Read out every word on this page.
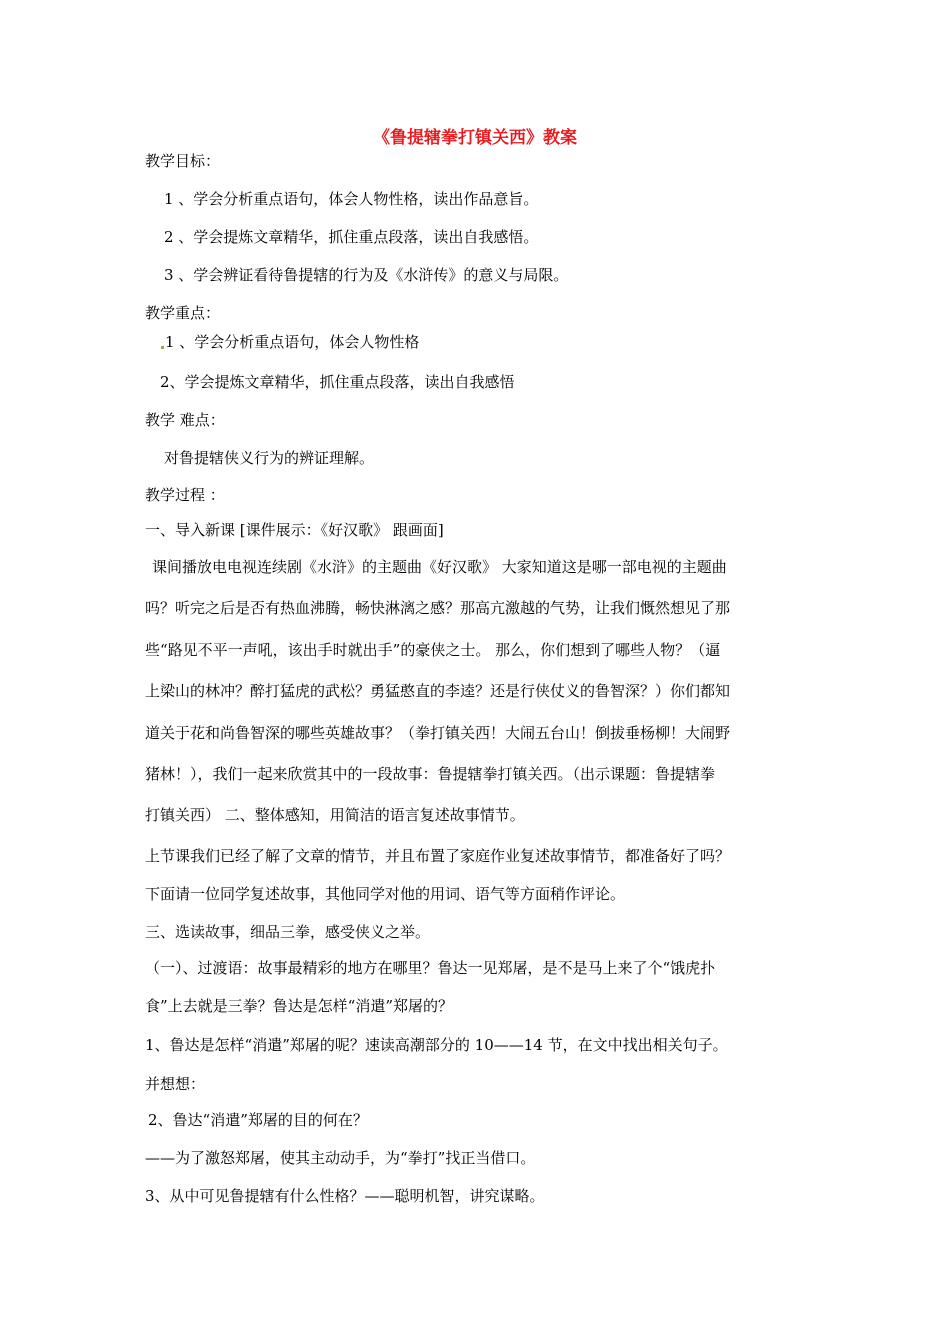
《鲁提辖拳打镇关西》教案
教学目标：
1 、学会分析重点语句，体会人物性格，读出作品意旨。
2 、学会提炼文章精华，抓住重点段落，读出自我感悟。
3 、学会辨证看待鲁提辖的行为及《水浒传》的意义与局限。
教学重点：
1 、学会分析重点语句，体会人物性格
2、学会提炼文章精华，抓住重点段落，读出自我感悟
教学 难点：
对鲁提辖侠义行为的辨证理解。
教学过程 ：
一、导入新课 [课件展示：《好汉歌》 跟画面]
课间播放电电视连续剧《水浒》的主题曲《好汉歌》 大家知道这是哪一部电视的主题曲
吗？听完之后是否有热血沸腾，畅快淋漓之感？那高亢激越的气势，让我们慨然想见了那
些“路见不平一声吼，该出手时就出手”的豪侠之士。 那么，你们想到了哪些人物？（逼
上梁山的林冲？醉打猛虎的武松？勇猛憨直的李逵？还是行侠仗义的鲁智深？）你们都知
道关于花和尚鲁智深的哪些英雄故事？（拳打镇关西！大闹五台山！倒拔垂杨柳！大闹野
猪林！），我们一起来欣赏其中的一段故事：鲁提辖拳打镇关西。（出示课题：鲁提辖拳
打镇关西） 二、整体感知，用简洁的语言复述故事情节。
上节课我们已经了解了文章的情节，并且布置了家庭作业复述故事情节，都准备好了吗？
下面请一位同学复述故事，其他同学对他的用词、语气等方面稍作评论。
三、选读故事，细品三拳，感受侠义之举。
（一）、过渡语：故事最精彩的地方在哪里？鲁达一见郑屠，是不是马上来了个“饿虎扑
食”上去就是三拳？鲁达是怎样“消遣”郑屠的？
1、鲁达是怎样“消遣”郑屠的呢？速读高潮部分的 10——14 节，在文中找出相关句子。
并想想：
2、鲁达“消遣”郑屠的目的何在？
——为了激怒郑屠，使其主动动手，为“拳打”找正当借口。
3、从中可见鲁提辖有什么性格？——聪明机智，讲究谋略。
